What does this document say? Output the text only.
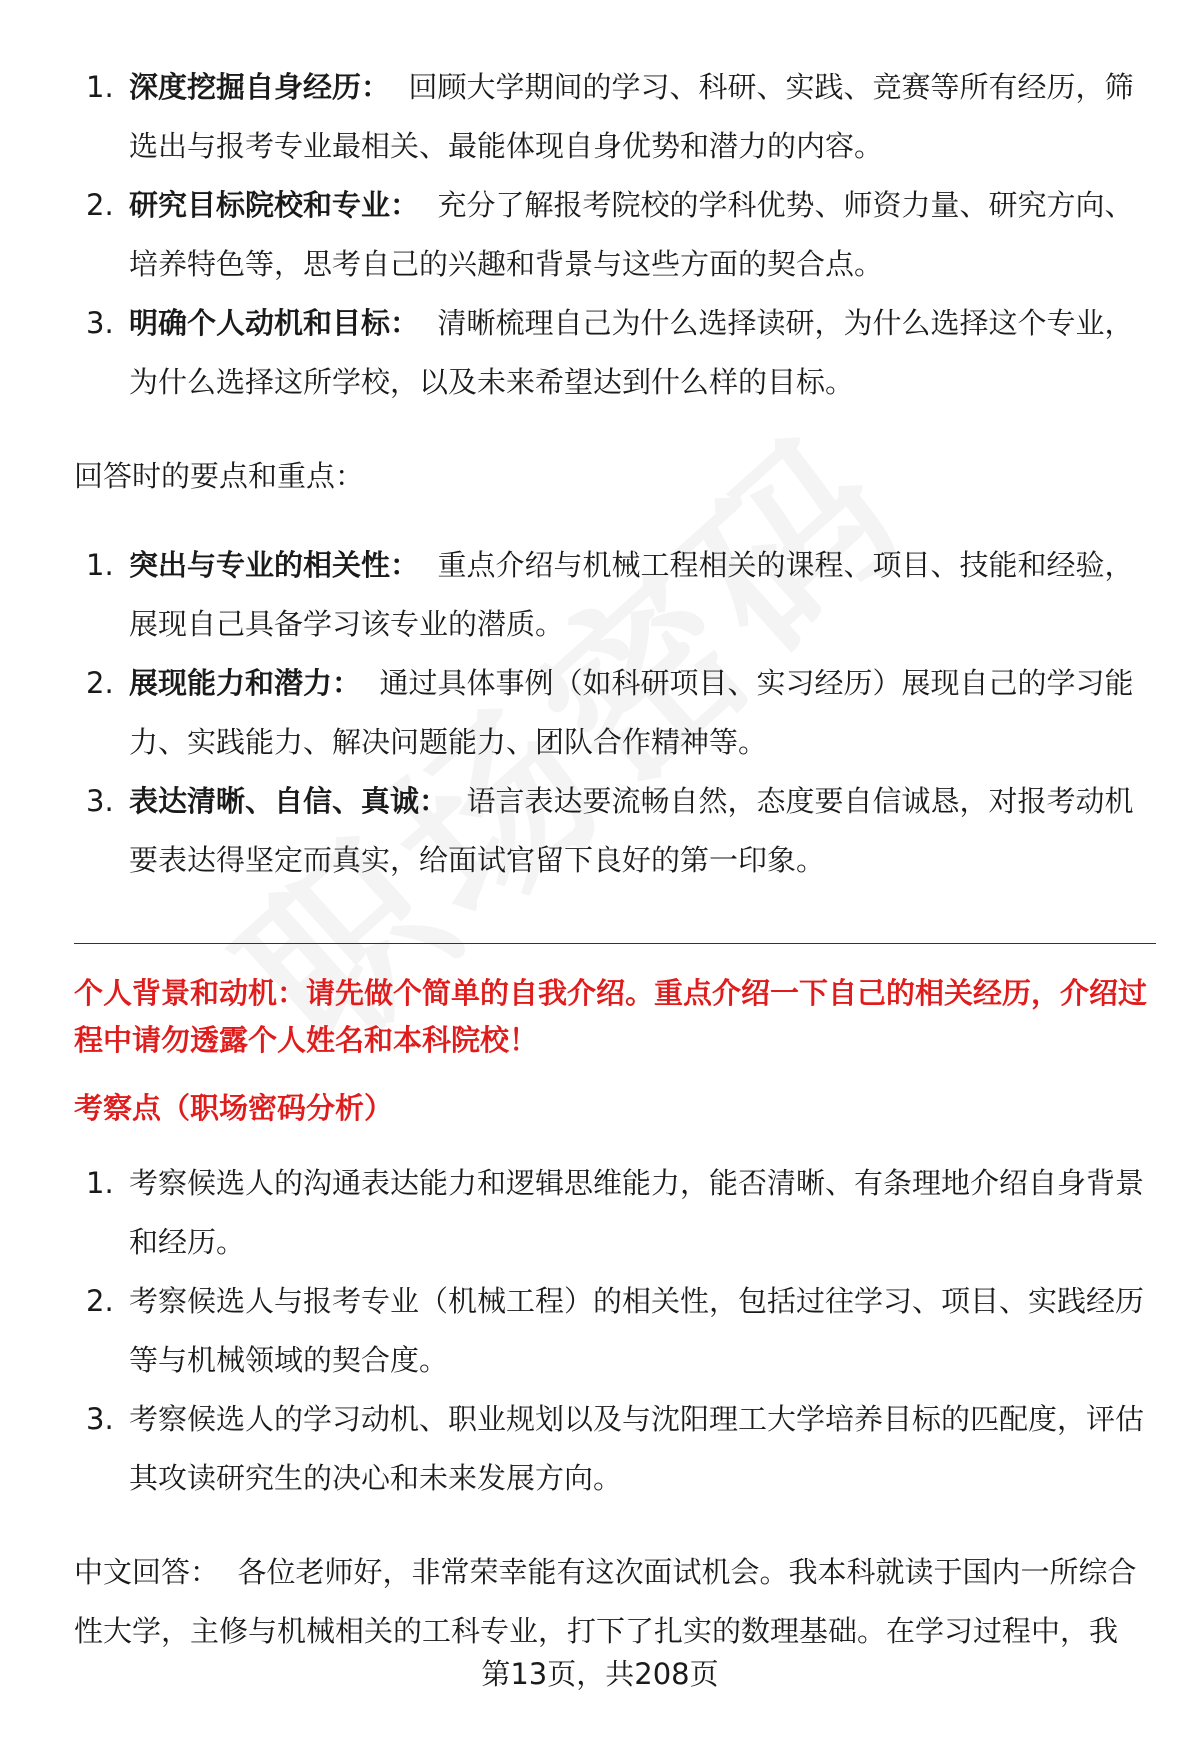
1. 深度挖掘自身经历： 回顾大学期间的学习、科研、实践、竞赛等所有经历，筛选出与报考专业最相关、最能体现自身优势和潜力的内容。
2. 研究目标院校和专业： 充分了解报考院校的学科优势、师资力量、研究方向、培养特色等，思考自己的兴趣和背景与这些方面的契合点。
3. 明确个人动机和目标： 清晰梳理自己为什么选择读研，为什么选择这个专业，为什么选择这所学校，以及未来希望达到什么样的目标。
回答时的要点和重点：
1. 突出与专业的相关性： 重点介绍与机械工程相关的课程、项目、技能和经验，展现自己具备学习该专业的潜质。
2. 展现能力和潜力： 通过具体事例（如科研项目、实习经历）展现自己的学习能力、实践能力、解决问题能力、团队合作精神等。
3. 表达清晰、自信、真诚： 语言表达要流畅自然，态度要自信诚恳，对报考动机要表达得坚定而真实，给面试官留下良好的第一印象。
个人背景和动机：请先做个简单的自我介绍。重点介绍一下自己的相关经历，介绍过程中请勿透露个人姓名和本科院校！
考察点（职场密码分析）
1. 考察候选人的沟通表达能力和逻辑思维能力，能否清晰、有条理地介绍自身背景和经历。
2. 考察候选人与报考专业（机械工程）的相关性，包括过往学习、项目、实践经历等与机械领域的契合度。
3. 考察候选人的学习动机、职业规划以及与沈阳理工大学培养目标的匹配度，评估其攻读研究生的决心和未来发展方向。
中文回答： 各位老师好，非常荣幸能有这次面试机会。我本科就读于国内一所综合性大学，主修与机械相关的工科专业，打下了扎实的数理基础。在学习过程中，我
第13页，共208页
